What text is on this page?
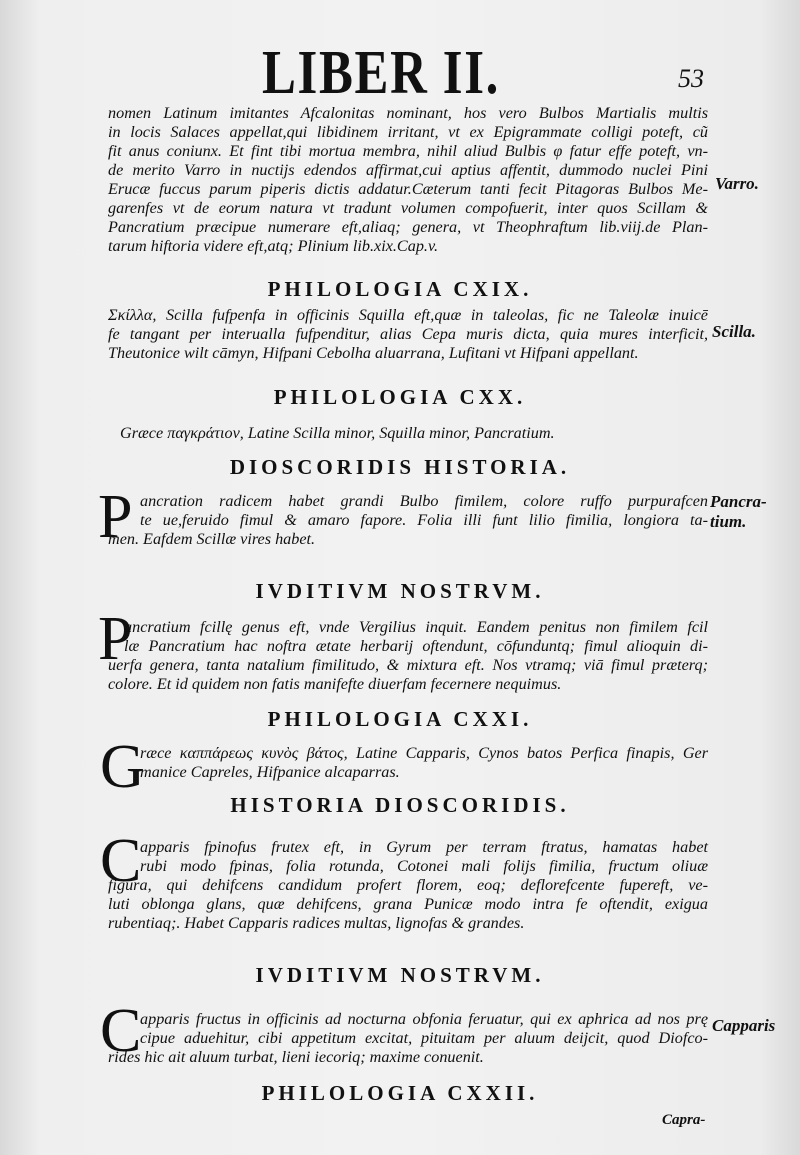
LIBER II.	53
nomen Latinum imitantes Afcalonitas nominant, hos vero Bulbos Martialis multis
in locis Salaces appellat,qui libidinem irritant, vt ex Epigrammate colligi poteft, cũ
fit anus coniunx. Et fint tibi mortua membra, nihil aliud Bulbis φ fatur effe poteft, vn-
de merito Varro in nuctijs edendos affirmat,cui aptius affentit, dummodo nuclei Pini
Erucæ fuccus parum piperis dictis addatur.Cæterum tanti fecit Pitagoras Bulbos Me-
garenfes vt de eorum natura vt tradunt volumen compofuerit, inter quos Scillam &
Pancratium præcipue numerare eft,aliaq; genera, vt Theophraftum lib.viij.de Plan-
tarum hiftoria videre eft,atq; Plinium lib.xix.Cap.v.
Varro.
PHILOLOGIA CXIX.
Σκίλλα, Scilla fufpenfa in officinis Squilla eft,quæ in taleolas, fic ne Taleolæ inuicē
fe tangant per interualla fufpenditur, alias Cepa muris dicta, quia mures interficit,
Theutonice wilt cāmyn, Hifpani Cebolha aluarrana, Lufitani vt Hifpani appellant.
Scilla.
PHILOLOGIA CXX.
Græce παγκράτιον, Latine Scilla minor, Squilla minor, Pancratium.
DIOSCORIDIS HISTORIA.
P ancration radicem habet grandi Bulbo fimilem, colore ruffo purpurafcen
te ue,feruido fimul & amaro fapore. Folia illi funt lilio fimilia, longiora ta-
men. Eafdem Scillæ vires habet.
Pancra-
tium.
IVDITIVM NOSTRVM.
P
ancratium fcillę genus eft, vnde Vergilius inquit. Eandem penitus non fimilem fcil
læ Pancratium hac noftra ætate herbarij oftendunt, cōfunduntq; fimul alioquin di-
uerfa genera, tanta natalium fimilitudo, & mixtura eft. Nos vtramq; viā fimul præterq;
colore. Et id quidem non fatis manifefte diuerfam fecernere nequimus.
PHILOLOGIA CXXI.
G
ræce καππάρεως κυνὸς βάτος, Latine Capparis, Cynos batos Perfica finapis, Ger
manice Capreles, Hifpanice alcaparras.
HISTORIA DIOSCORIDIS.
C
apparis fpinofus frutex eft, in Gyrum per terram ftratus, hamatas habet
rubi modo fpinas, folia rotunda, Cotonei mali folijs fimilia, fructum oliuæ
figura, qui dehifcens candidum profert florem, eoq; deflorefcente fupereft, ve-
luti oblonga glans, quæ dehifcens, grana Punicæ modo intra fe oftendit, exigua
rubentiaq;. Habet Capparis radices multas, lignofas & grandes.
IVDITIVM NOSTRVM.
C
apparis fructus in officinis ad nocturna obfonia feruatur, qui ex aphrica ad nos prę
cipue aduehitur, cibi appetitum excitat, pituitam per aluum deijcit, quod Diofco-
rides hic ait aluum turbat, lieni iecoriq; maxime conuenit.
Capparis
PHILOLOGIA CXXII.
Capra-
